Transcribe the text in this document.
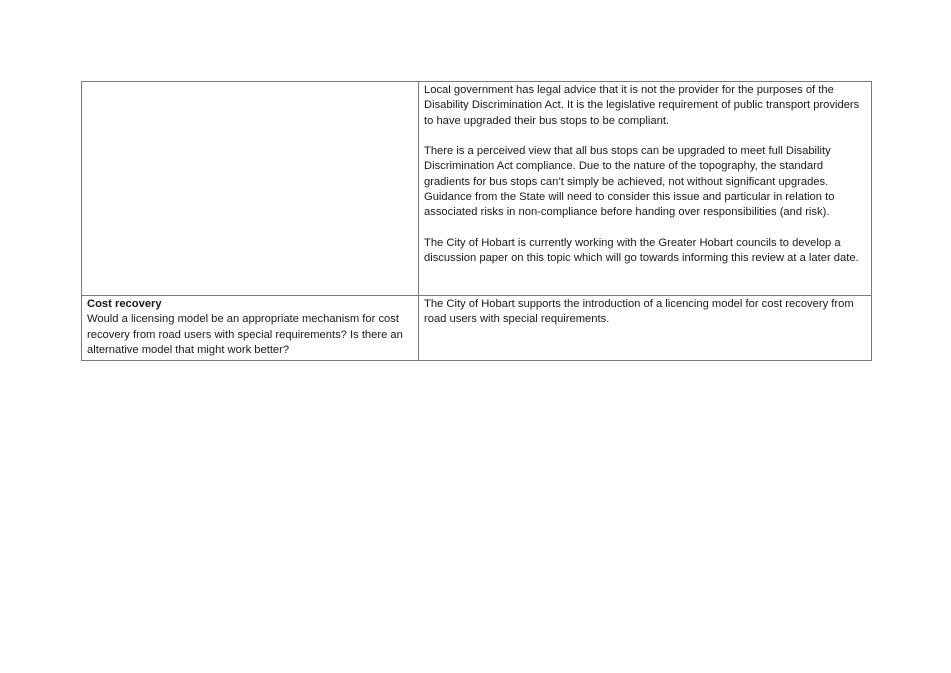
	Local government has legal advice that it is not the provider for the purposes of the Disability Discrimination Act. It is the legislative requirement of public transport providers to have upgraded their bus stops to be compliant.

There is a perceived view that all bus stops can be upgraded to meet full Disability Discrimination Act compliance. Due to the nature of the topography, the standard gradients for bus stops can’t simply be achieved, not without significant upgrades. Guidance from the State will need to consider this issue and particular in relation to associated risks in non-compliance before handing over responsibilities (and risk).

The City of Hobart is currently working with the Greater Hobart councils to develop a discussion paper on this topic which will go towards informing this review at a later date.

Cost recovery
Would a licensing model be an appropriate mechanism for cost recovery from road users with special requirements? Is there an alternative model that might work better?	The City of Hobart supports the introduction of a licencing model for cost recovery from road users with special requirements.
